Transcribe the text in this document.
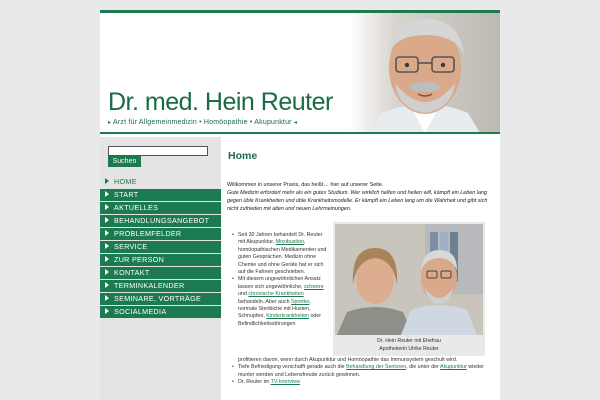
Dr. med. Hein Reuter
▸ Arzt für Allgemeinmedizin • Homöopathie • Akupunktur ◂
Suchen
HOME
START
AKTUELLES
BEHANDLUNGSANGEBOT
PROBLEMFELDER
SERVICE
ZUR PERSON
KONTAKT
TERMINKALENDER
SEMINARE, VORTRÄGE
SOCIALMEDIA
Home
Willkommen in unserer Praxis, das heißt… hier auf unserer Seite.
Gute Medizin erfordert mehr als ein gutes Studium. Wer wirklich helfen und heilen will, kämpft ein Leben lang gegen üble Krankheiten und üble Krankheitsmodelle. Er kämpft ein Leben lang um die Wahrheit und gibt sich nicht zufrieden mit alten und neuen Lehrmeinungen.
• Seit 30 Jahren behandelt Dr. Reuter mit Akupunktur, Moxibustion, homöopathischen Medikamenten und guten Gesprächen. Medizin ohne Chemie und ohne Geräte hat er sich auf die Fahnen geschrieben.
• Mit diesem ungewöhnlichen Ansatz lassen sich ungewöhnliche, schwere und chronische Krankheiten behandeln. Aber auch Sportler, normale Sterbliche mit Husten, Schnupfen, Kinderkrankheiten oder Befindlichkeitsstörungen
Dr. Hein Reuter mit Ehefrau
Apothekerin Ulrike Reuter
profitieren davon, wenn durch Akupunktur und Homöopathie das Immunsystem geschult wird.
• Tiefe Befriedigung verschafft gerade auch die Behandlung der Senioren, die unter der Akupunktur wieder munter werden und Lebensfreude zurück gewinnen.
• Dr. Reuter im TV-Interview
